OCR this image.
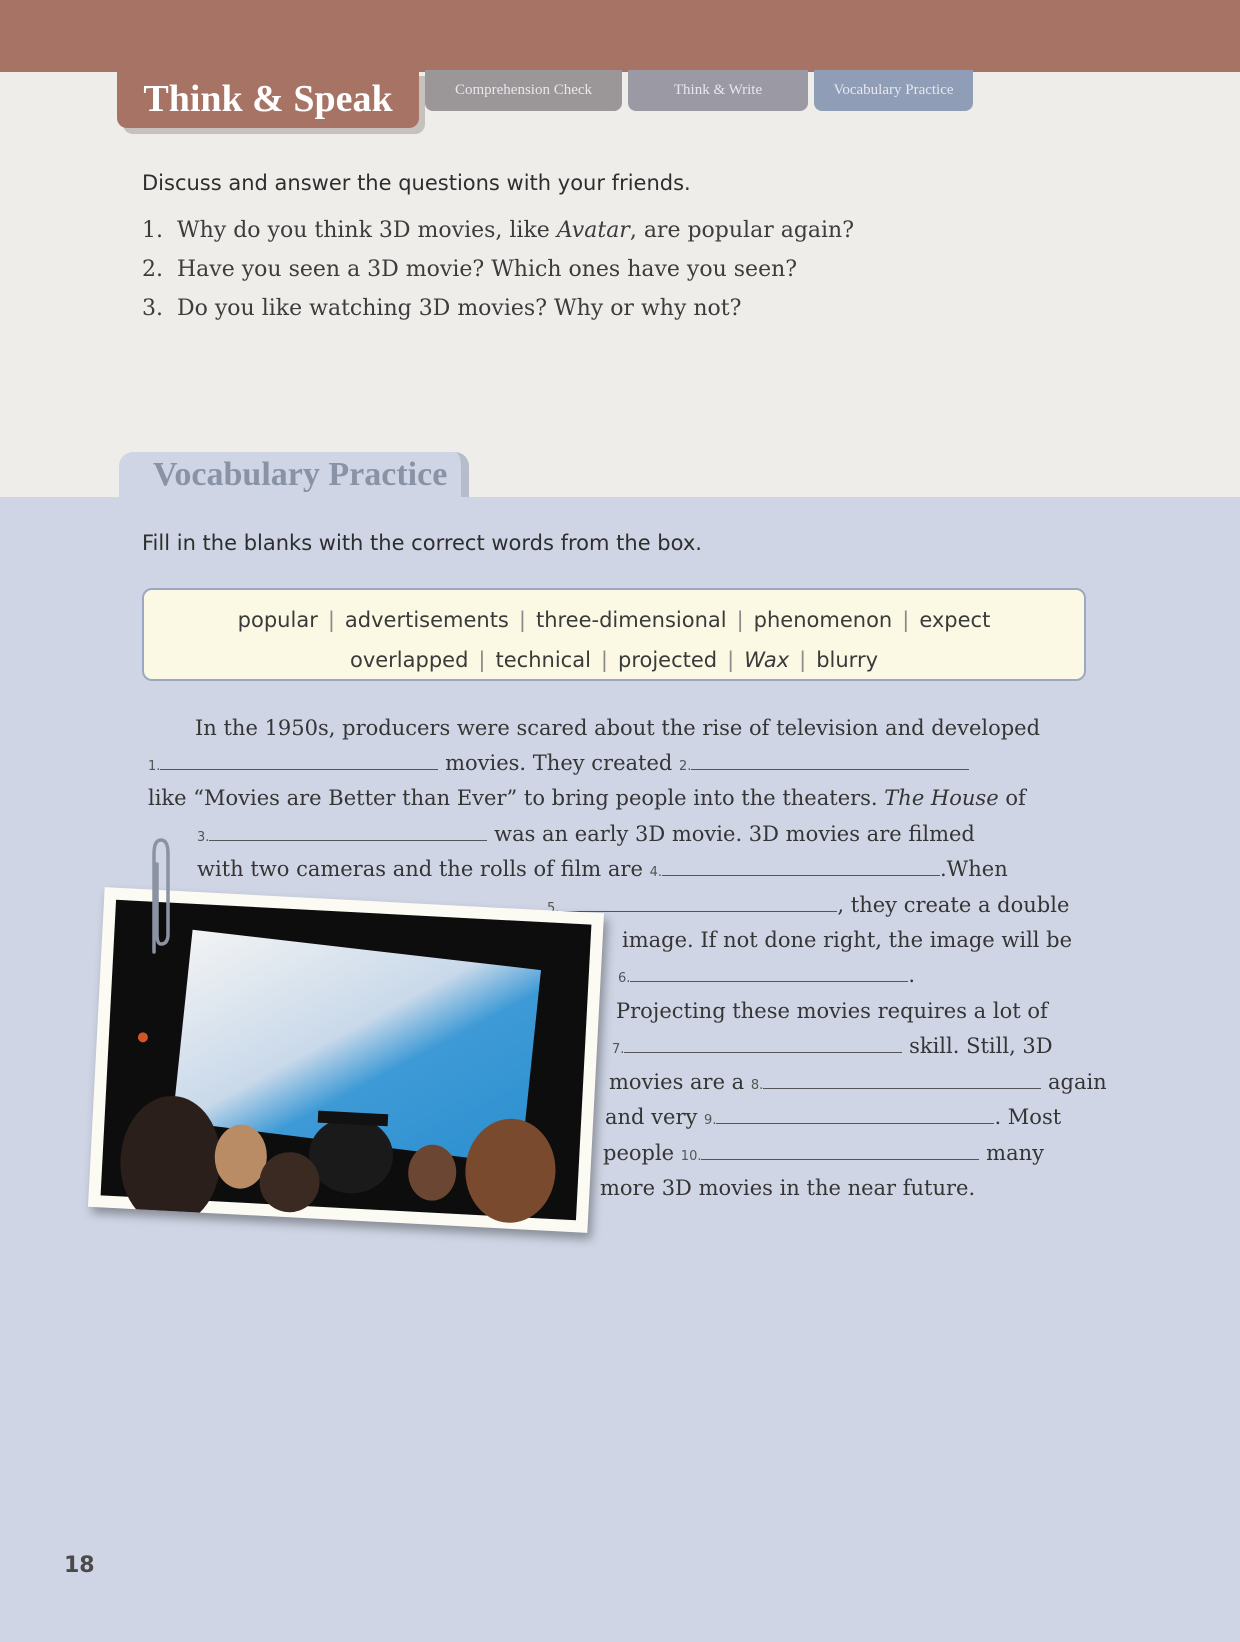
Think & Speak	Comprehension Check	Think & Write	Vocabulary Practice
Discuss and answer the questions with your friends.
1. Why do you think 3D movies, like Avatar, are popular again?
2. Have you seen a 3D movie? Which ones have you seen?
3. Do you like watching 3D movies? Why or why not?
Vocabulary Practice
Fill in the blanks with the correct words from the box.
popular | advertisements | three-dimensional | phenomenon | expect
overlapped | technical | projected | Wax | blurry
In the 1950s, producers were scared about the rise of television and developed
1.	movies. They created 2.
like “Movies are Better than Ever” to bring people into the theaters. The House of
3.	was an early 3D movie. 3D movies are filmed
with two cameras and the rolls of film are 4.	.When
5.	, they create a double
image. If not done right, the image will be
6.	.
Projecting these movies requires a lot of
7.	skill. Still, 3D
movies are a 8.	again
and very 9.	. Most
people 10.	many
more 3D movies in the near future.
18
